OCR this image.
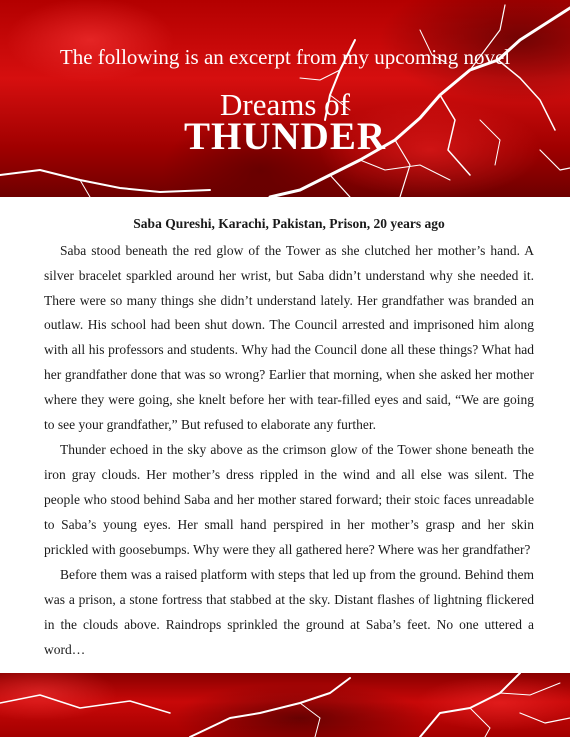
The following is an excerpt from my upcoming novel
Dreams of
THUNDER
Saba Qureshi, Karachi, Pakistan, Prison, 20 years ago

Saba stood beneath the red glow of the Tower as she clutched her mother’s hand. A silver bracelet sparkled around her wrist, but Saba didn’t understand why she needed it. There were so many things she didn’t understand lately. Her grandfather was branded an outlaw. His school had been shut down. The Council arrested and imprisoned him along with all his professors and students. Why had the Council done all these things? What had her grandfather done that was so wrong? Earlier that morning, when she asked her mother where they were going, she knelt before her with tear-filled eyes and said, “We are going to see your grandfather,” But refused to elaborate any further.

Thunder echoed in the sky above as the crimson glow of the Tower shone beneath the iron gray clouds. Her mother’s dress rippled in the wind and all else was silent. The people who stood behind Saba and her mother stared forward; their stoic faces unreadable to Saba’s young eyes. Her small hand perspired in her mother’s grasp and her skin prickled with goosebumps. Why were they all gathered here? Where was her grandfather?

Before them was a raised platform with steps that led up from the ground. Behind them was a prison, a stone fortress that stabbed at the sky. Distant flashes of lightning flickered in the clouds above. Raindrops sprinkled the ground at Saba’s feet. No one uttered a word…
